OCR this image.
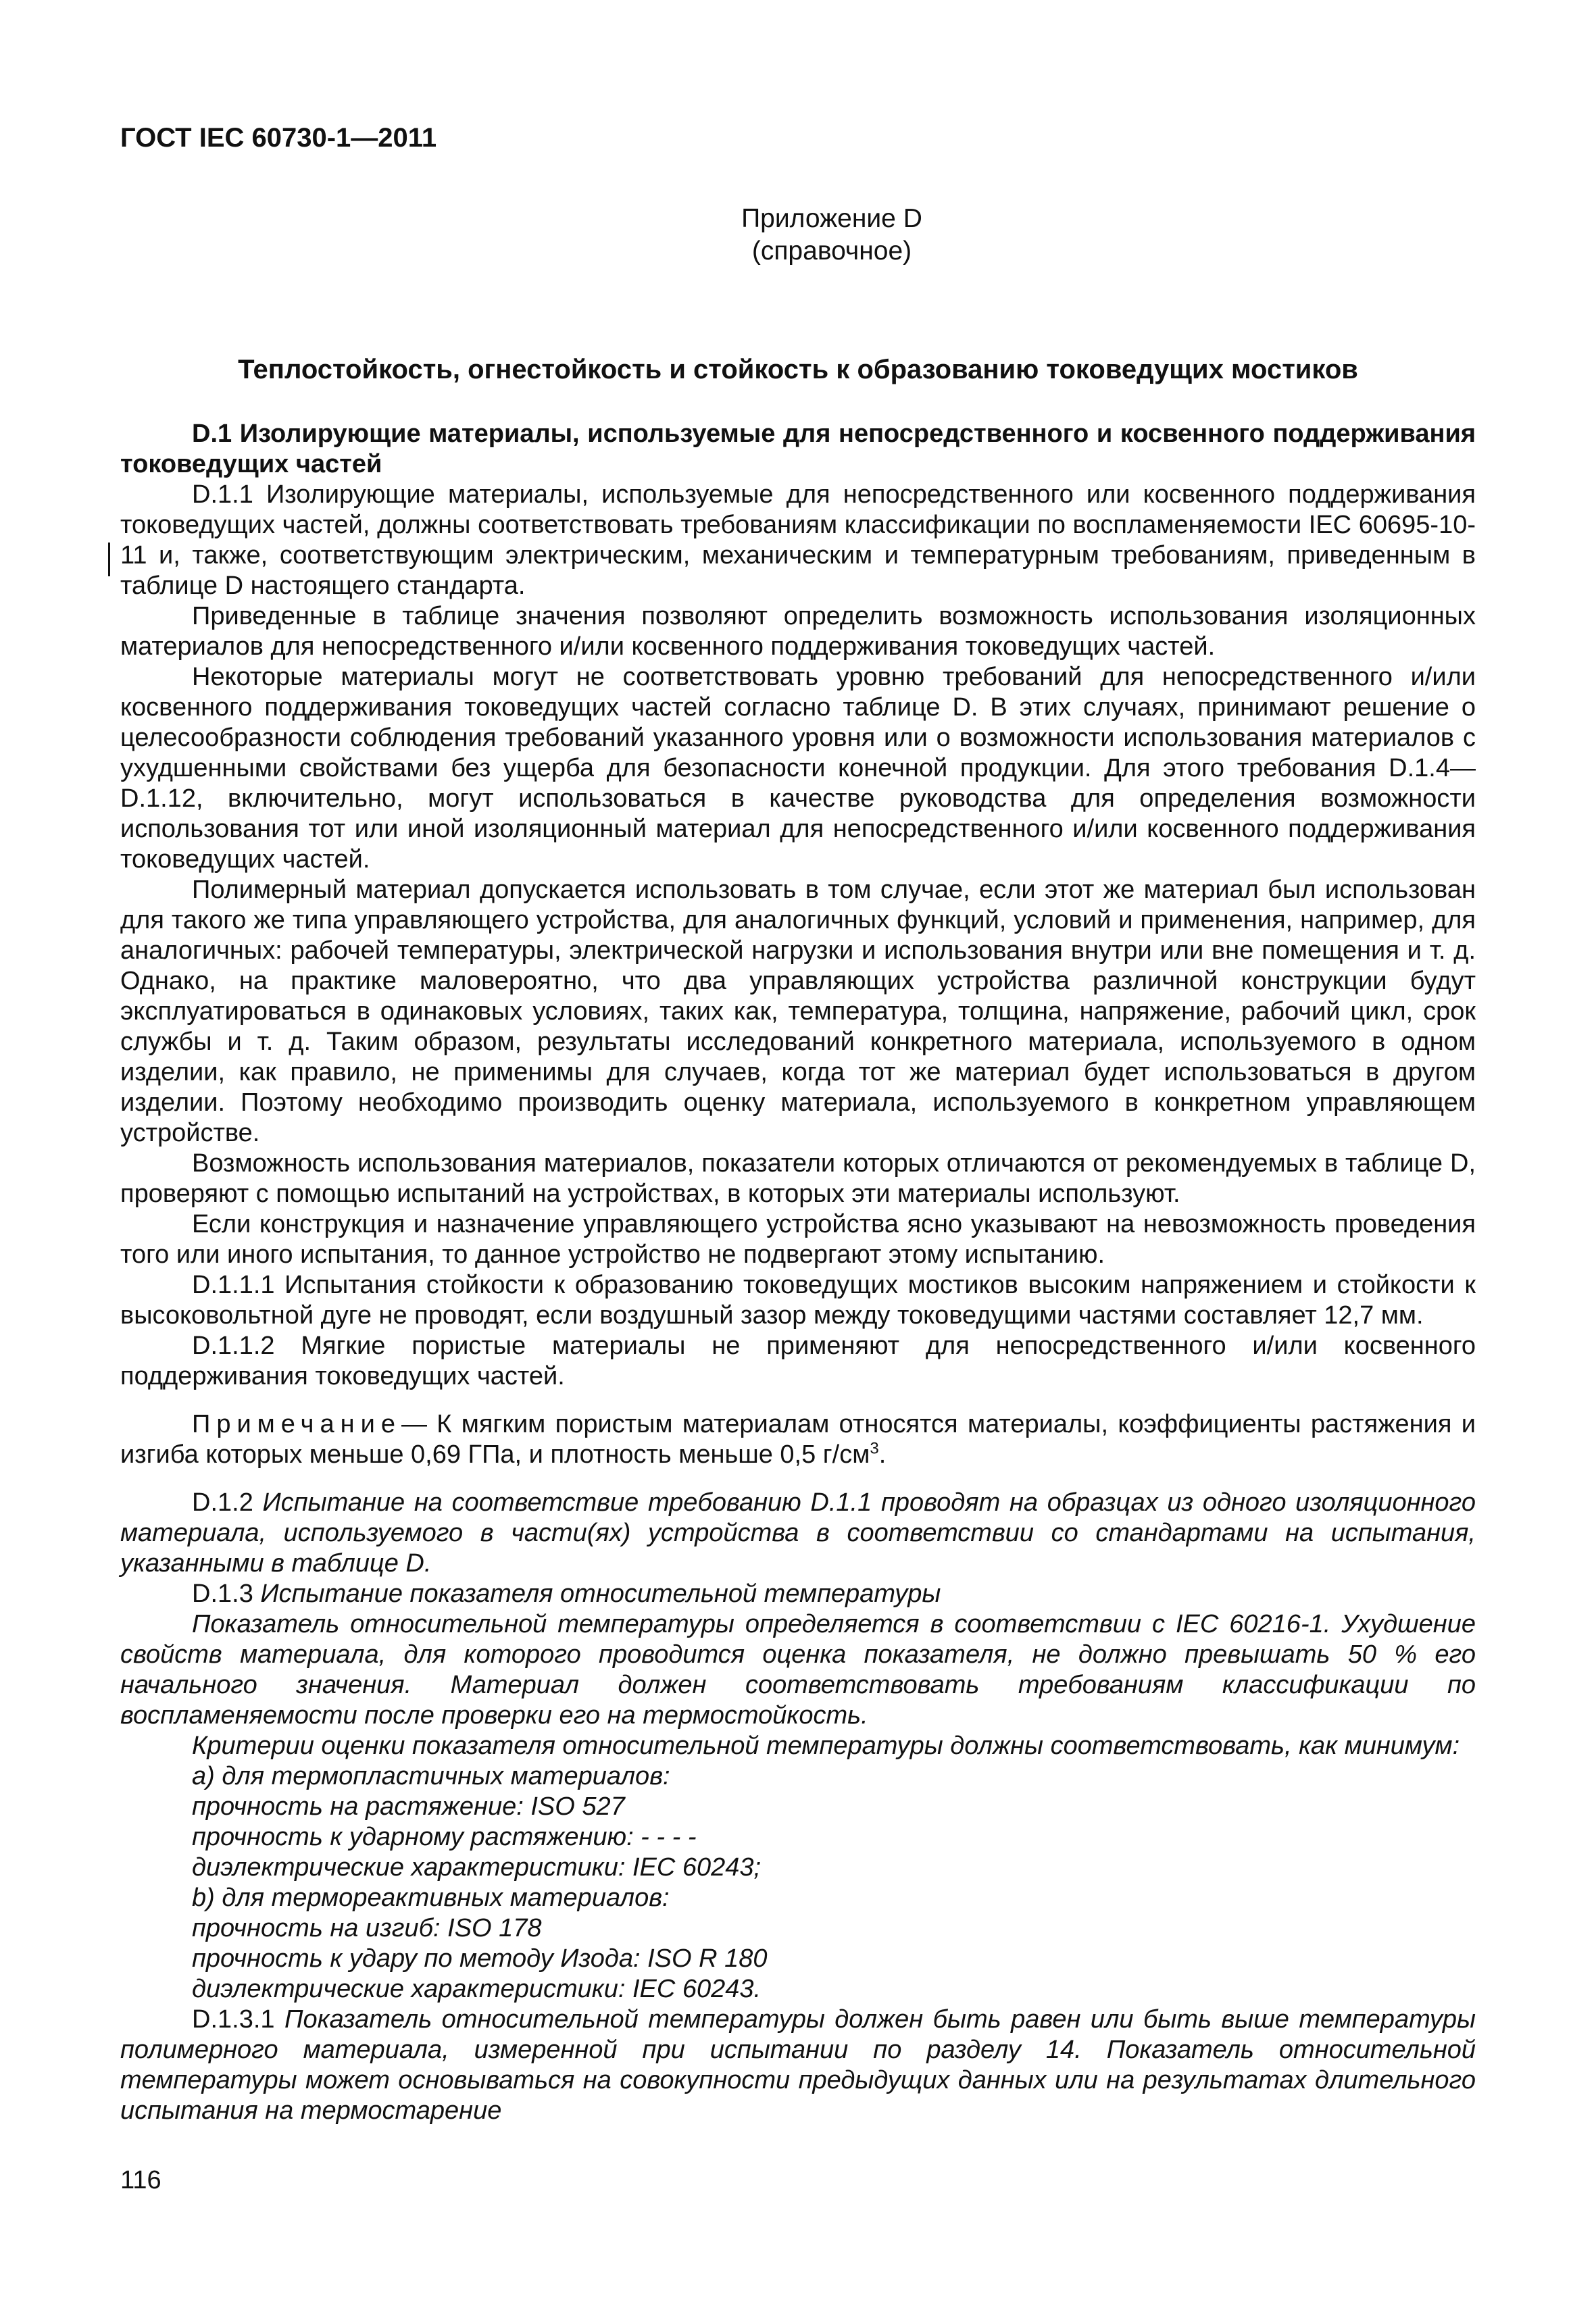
ГОСТ IEC 60730-1—2011
Приложение D
(справочное)
Теплостойкость, огнестойкость и стойкость к образованию токоведущих мостиков

D.1 Изолирующие материалы, используемые для непосредственного и косвенного поддерживания токоведущих частей

D.1.1 Изолирующие материалы, используемые для непосредственного или косвенного поддерживания токоведущих частей, должны соответствовать требованиям классификации по воспламеняемости IEC 60695-10-11 и, также, соответствующим электрическим, механическим и температурным требованиям, приведенным в таблице D настоящего стандарта.

Приведенные в таблице значения позволяют определить возможность использования изоляционных материалов для непосредственного и/или косвенного поддерживания токоведущих частей.

Некоторые материалы могут не соответствовать уровню требований для непосредственного и/или косвенного поддерживания токоведущих частей согласно таблице D. В этих случаях, принимают решение о целесообразности соблюдения требований указанного уровня или о возможности использования материалов с ухудшенными свойствами без ущерба для безопасности конечной продукции. Для этого требования D.1.4—D.1.12, включительно, могут использоваться в качестве руководства для определения возможности использования тот или иной изоляционный материал для непосредственного и/или косвенного поддерживания токоведущих частей.

Полимерный материал допускается использовать в том случае, если этот же материал был использован для такого же типа управляющего устройства, для аналогичных функций, условий и применения, например, для аналогичных: рабочей температуры, электрической нагрузки и использования внутри или вне помещения и т. д. Однако, на практике маловероятно, что два управляющих устройства различной конструкции будут эксплуатироваться в одинаковых условиях, таких как, температура, толщина, напряжение, рабочий цикл, срок службы и т. д. Таким образом, результаты исследований конкретного материала, используемого в одном изделии, как правило, не применимы для случаев, когда тот же материал будет использоваться в другом изделии. Поэтому необходимо производить оценку материала, используемого в конкретном управляющем устройстве.

Возможность использования материалов, показатели которых отличаются от рекомендуемых в таблице D, проверяют с помощью испытаний на устройствах, в которых эти материалы используют.

Если конструкция и назначение управляющего устройства ясно указывают на невозможность проведения того или иного испытания, то данное устройство не подвергают этому испытанию.

D.1.1.1 Испытания стойкости к образованию токоведущих мостиков высоким напряжением и стойкости к высоковольтной дуге не проводят, если воздушный зазор между токоведущими частями составляет 12,7 мм.

D.1.1.2 Мягкие пористые материалы не применяют для непосредственного и/или косвенного поддерживания токоведущих частей.

Примечание— К мягким пористым материалам относятся материалы, коэффициенты растяжения и изгиба которых меньше 0,69 ГПа, и плотность меньше 0,5 $г/см^3$.

D.1.2 Испытание на соответствие требованию D.1.1 проводят на образцах из одного изоляционного материала, используемого в части(ях) устройства в соответствии со стандартами на испытания, указанными в таблице D.

D.1.3 Испытание показателя относительной температуры

Показатель относительной температуры определяется в соответствии с IEC 60216-1. Ухудшение свойств материала, для которого проводится оценка показателя, не должно превышать 50 % его начального значения. Материал должен соответствовать требованиям классификации по воспламеняемости после проверки его на термостойкость.

Критерии оценки показателя относительной температуры должны соответствовать, как минимум:

а) для термопластичных материалов:

прочность на растяжение: ISO 527

прочность к ударному растяжению: - - - -

диэлектрические характеристики: IEC 60243;

b) для термореактивных материалов:

прочность на изгиб: ISO 178

прочность к удару по методу Изода: ISO R 180

диэлектрические характеристики: IEC 60243.

D.1.3.1 Показатель относительной температуры должен быть равен или быть выше температуры полимерного материала, измеренной при испытании по разделу 14. Показатель относительной температуры может основываться на совокупности предыдущих данных или на результатах длительного испытания на термостарение

116
